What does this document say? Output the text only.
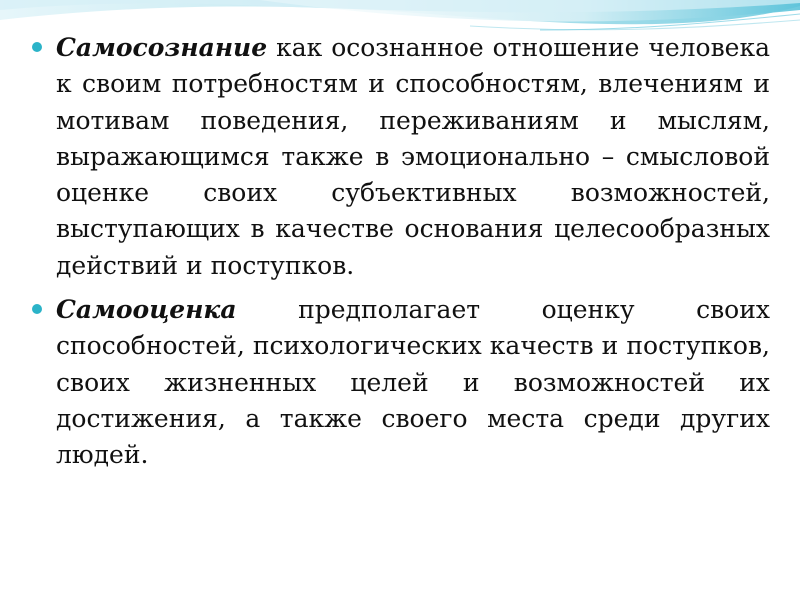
Самосознание как осознанное отношение человека к своим потребностям и способностям, влечениям и мотивам поведения, переживаниям и мыслям, выражающимся также в эмоционально – смысловой оценке своих субъективных возможностей, выступающих в качестве основания целесообразных действий и поступков.

Самооценка предполагает оценку своих способностей, психологических качеств и поступков, своих жизненных целей и возможностей их достижения, а также своего места среди других людей.
